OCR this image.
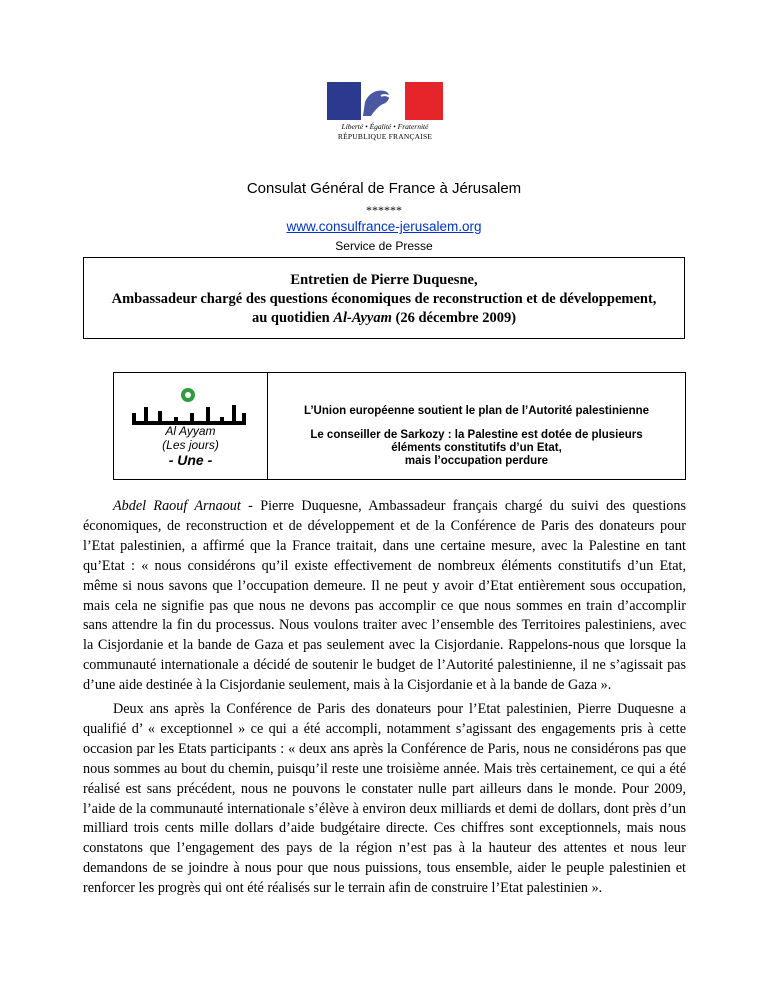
Liberté • Égalité • Fraternité
RÉPUBLIQUE FRANÇAISE
Consulat Général de France à Jérusalem
******
www.consulfrance-jerusalem.org
Service de Presse
Entretien de Pierre Duquesne,
Ambassadeur chargé des questions économiques de reconstruction et de développement,
au quotidien Al-Ayyam (26 décembre 2009)
Al Ayyam
(Les jours)
- Une -
L’Union européenne soutient le plan de l’Autorité palestinienne
Le conseiller de Sarkozy : la Palestine est dotée de plusieurs
éléments constitutifs d’un Etat,
mais l’occupation perdure
Abdel Raouf Arnaout - Pierre Duquesne, Ambassadeur français chargé du suivi des questions économiques, de reconstruction et de développement et de la Conférence de Paris des donateurs pour l’Etat palestinien, a affirmé que la France traitait, dans une certaine mesure, avec la Palestine en tant qu’Etat : « nous considérons qu’il existe effectivement de nombreux éléments constitutifs d’un Etat, même si nous savons que l’occupation demeure. Il ne peut y avoir d’Etat entièrement sous occupation, mais cela ne signifie pas que nous ne devons pas accomplir ce que nous sommes en train d’accomplir sans attendre la fin du processus. Nous voulons traiter avec l’ensemble des Territoires palestiniens, avec la Cisjordanie et la bande de Gaza et pas seulement avec la Cisjordanie. Rappelons-nous que lorsque la communauté internationale a décidé de soutenir le budget de l’Autorité palestinienne, il ne s’agissait pas d’une aide destinée à la Cisjordanie seulement, mais à la Cisjordanie et à la bande de Gaza ».
Deux ans après la Conférence de Paris des donateurs pour l’Etat palestinien, Pierre Duquesne a qualifié d’ « exceptionnel » ce qui a été accompli, notamment s’agissant des engagements pris à cette occasion par les Etats participants : « deux ans après la Conférence de Paris, nous ne considérons pas que nous sommes au bout du chemin, puisqu’il reste une troisième année. Mais très certainement, ce qui a été réalisé est sans précédent, nous ne pouvons le constater nulle part ailleurs dans le monde. Pour 2009, l’aide de la communauté internationale s’élève à environ deux milliards et demi de dollars, dont près d’un milliard trois cents mille dollars d’aide budgétaire directe. Ces chiffres sont exceptionnels, mais nous constatons que l’engagement des pays de la région n’est pas à la hauteur des attentes et nous leur demandons de se joindre à nous pour que nous puissions, tous ensemble, aider le peuple palestinien et renforcer les progrès qui ont été réalisés sur le terrain afin de construire l’Etat palestinien ».
